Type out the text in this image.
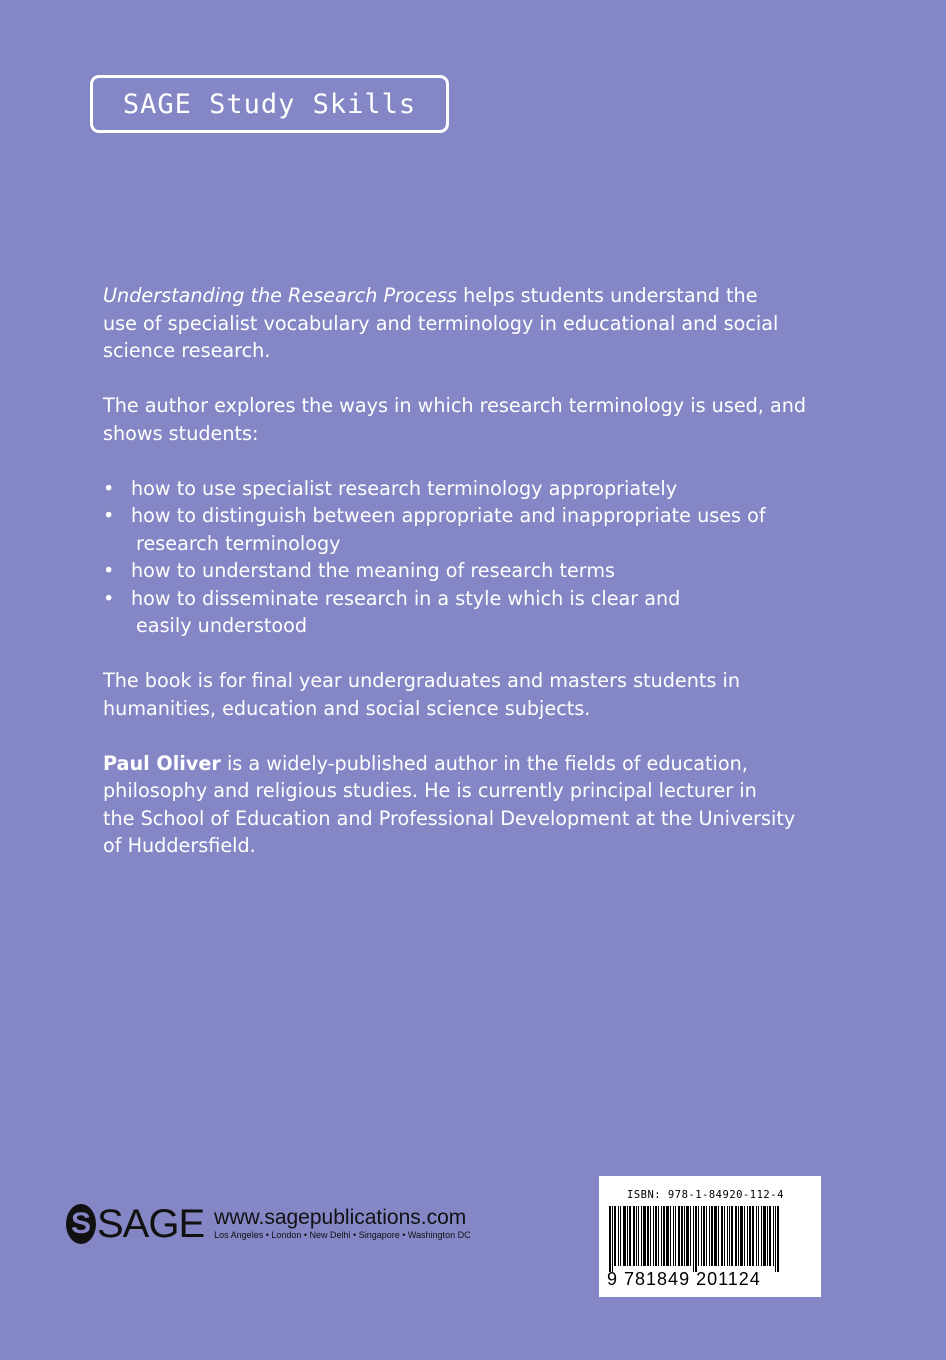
SAGE Study Skills

Understanding the Research Process helps students understand the
use of specialist vocabulary and terminology in educational and social
science research.

The author explores the ways in which research terminology is used, and
shows students:

• how to use specialist research terminology appropriately
• how to distinguish between appropriate and inappropriate uses of
research terminology
• how to understand the meaning of research terms
• how to disseminate research in a style which is clear and
easily understood

The book is for final year undergraduates and masters students in
humanities, education and social science subjects.

Paul Oliver is a widely-published author in the fields of education,
philosophy and religious studies. He is currently principal lecturer in
the School of Education and Professional Development at the University
of Huddersfield.

S SAGE www.sagepublications.com
Los Angeles • London • New Delhi • Singapore • Washington DC
ISBN: 978-1-84920-112-4
9 781849 201124
